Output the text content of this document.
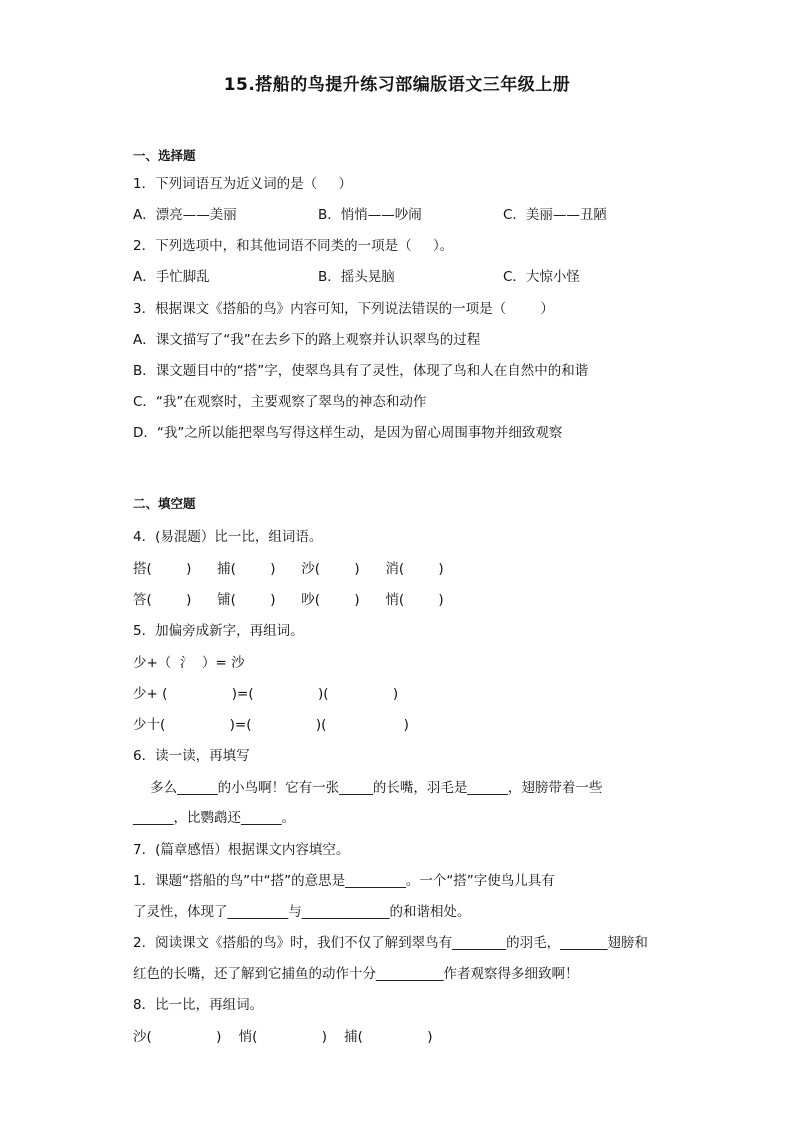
15.搭船的鸟提升练习部编版语文三年级上册
一、选择题
1．下列词语互为近义词的是（     ）
A．漂亮——美丽	B．悄悄——吵闹	C．美丽——丑陋
2．下列选项中，和其他词语不同类的一项是（     ）。
A．手忙脚乱	B．摇头晃脑	C．大惊小怪
3．根据课文《搭船的鸟》内容可知，下列说法错误的一项是（        ）
A．课文描写了“我”在去乡下的路上观察并认识翠鸟的过程
B．课文题目中的“搭”字，使翠鸟具有了灵性，体现了鸟和人在自然中的和谐
C．“我”在观察时，主要观察了翠鸟的神态和动作
D．“我”之所以能把翠鸟写得这样生动，是因为留心周围事物并细致观察
二、填空题
4．(易混题）比一比，组词语。
搭(        )      捕(        )      沙(        )      消(        )
答(        )      铺(        )      吵(        )      悄(        )
5．加偏旁成新字，再组词。
少+（  氵  ）= 沙
少+ (               )=(               )(               )
少十(               )=(               )(                  )
6．读一读，再填写
多么______的小鸟啊！它有一张_____的长嘴，羽毛是______，翅膀带着一些
______，比鹦鹉还______。
7．(篇章感悟）根据课文内容填空。
1．课题“搭船的鸟”中“搭”的意思是_________。一个“搭”字使鸟儿具有
了灵性，体现了_________与_____________的和谐相处。
2．阅读课文《搭船的鸟》时，我们不仅了解到翠鸟有________的羽毛，_______翅膀和
红色的长嘴，还了解到它捕鱼的动作十分__________作者观察得多细致啊！
8．比一比，再组词。
沙(               )    悄(               )    捕(               )
